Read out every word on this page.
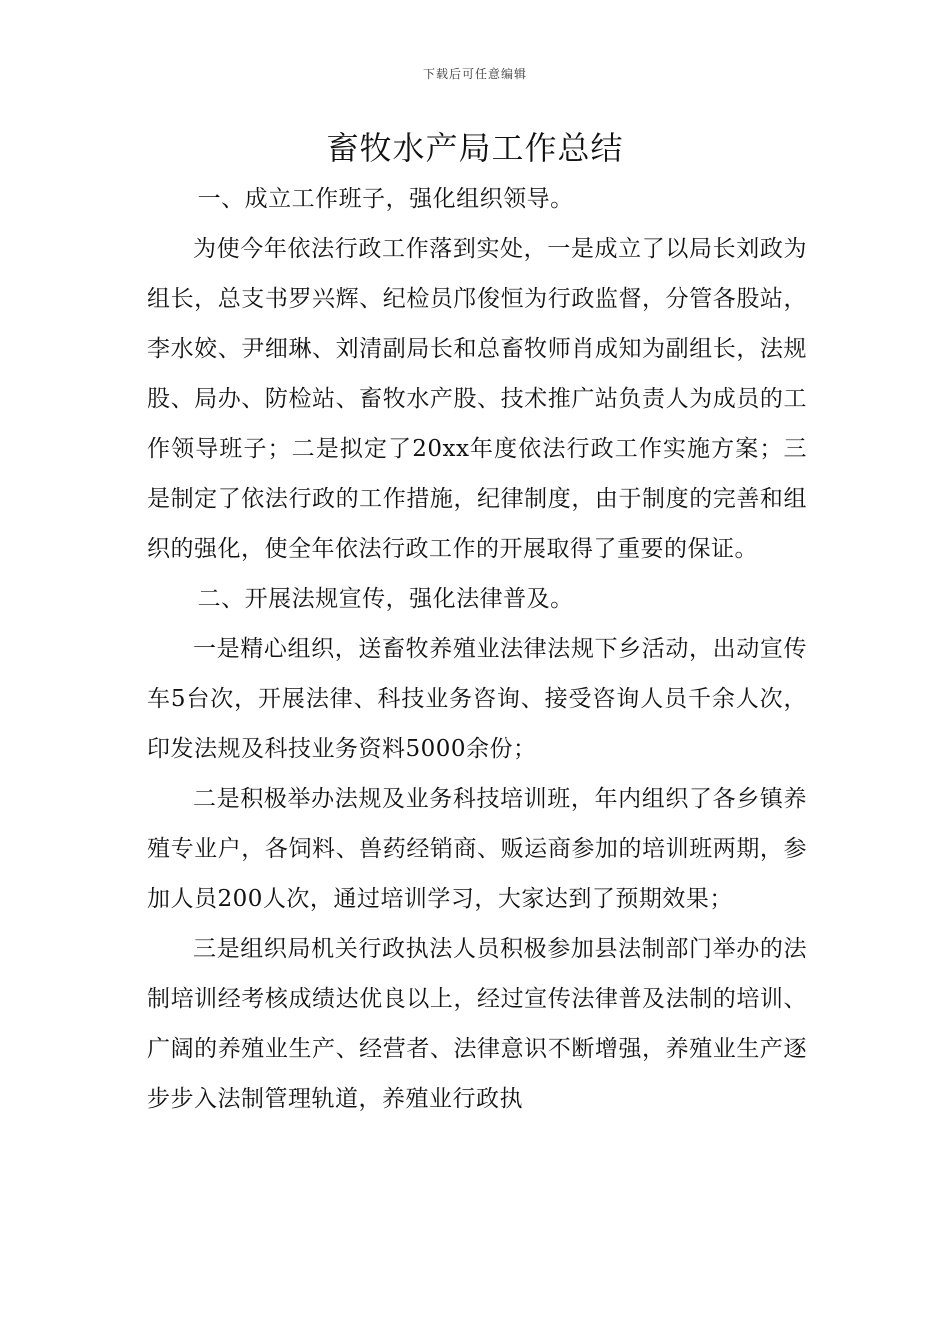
下载后可任意编辑
畜牧水产局工作总结

一、成立工作班子，强化组织领导。

为使今年依法行政工作落到实处，一是成立了以局长刘政为组长，总支书罗兴辉、纪检员邝俊恒为行政监督，分管各股站，李水姣、尹细琳、刘清副局长和总畜牧师肖成知为副组长，法规股、局办、防检站、畜牧水产股、技术推广站负责人为成员的工作领导班子；二是拟定了20xx年度依法行政工作实施方案；三是制定了依法行政的工作措施，纪律制度，由于制度的完善和组织的强化，使全年依法行政工作的开展取得了重要的保证。

二、开展法规宣传，强化法律普及。

一是精心组织，送畜牧养殖业法律法规下乡活动，出动宣传车5台次，开展法律、科技业务咨询、接受咨询人员千余人次，印发法规及科技业务资料5000余份；

二是积极举办法规及业务科技培训班，年内组织了各乡镇养殖专业户，各饲料、兽药经销商、贩运商参加的培训班两期，参加人员200人次，通过培训学习，大家达到了预期效果；

三是组织局机关行政执法人员积极参加县法制部门举办的法制培训经考核成绩达优良以上，经过宣传法律普及法制的培训、广阔的养殖业生产、经营者、法律意识不断增强，养殖业生产逐步步入法制管理轨道，养殖业行政执
